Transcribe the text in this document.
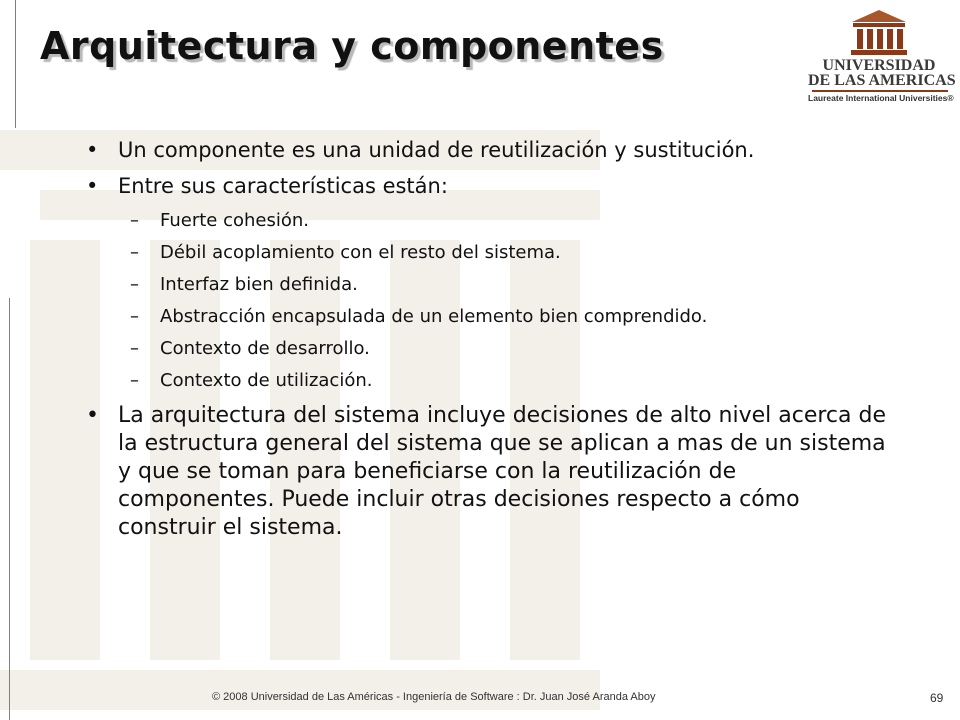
Arquitectura y componentes	UNIVERSIDAD
DE LAS AMERICAS
Laureate International Universities®
• Un componente es una unidad de reutilización y sustitución.
• Entre sus características están:
– Fuerte cohesión.
– Débil acoplamiento con el resto del sistema.
– Interfaz bien definida.
– Abstracción encapsulada de un elemento bien comprendido.
– Contexto de desarrollo.
– Contexto de utilización.
• La arquitectura del sistema incluye decisiones de alto nivel acerca de la estructura general del sistema que se aplican a mas de un sistema y que se toman para beneficiarse con la reutilización de componentes. Puede incluir otras decisiones respecto a cómo construir el sistema.
© 2008 Universidad de Las Américas - Ingeniería de Software : Dr. Juan José Aranda Aboy	69
